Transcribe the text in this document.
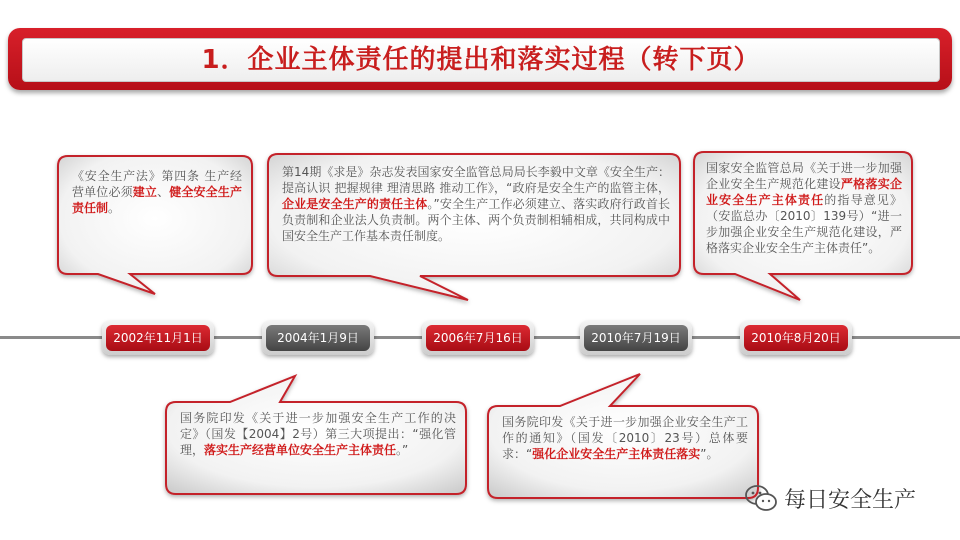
1．企业主体责任的提出和落实过程（转下页）
《安全生产法》第四条 生产经营单位必须建立、健全安全生产责任制。
第14期《求是》杂志发表国家安全监管总局局长李毅中文章《安全生产：提高认识 把握规律 理清思路 推动工作》，“政府是安全生产的监管主体，企业是安全生产的责任主体。”安全生产工作必须建立、落实政府行政首长负责制和企业法人负责制。两个主体、两个负责制相辅相成，共同构成中国安全生产工作基本责任制度。
国家安全监管总局《关于进一步加强企业安全生产规范化建设严格落实企业安全生产主体责任的指导意见》（安监总办〔2010〕139号）“进一步加强企业安全生产规范化建设，严格落实企业安全生产主体责任”。
国务院印发《关于进一步加强安全生产工作的决定》（国发【2004】2号）第三大项提出：“强化管理，落实生产经营单位安全生产主体责任。”
国务院印发《关于进一步加强企业安全生产工作的通知》（国发〔2010〕23号）总体要求：“强化企业安全生产主体责任落实”。
2002年11月1日	2004年1月9日	2006年7月16日	2010年7月19日	2010年8月20日
每日安全生产
